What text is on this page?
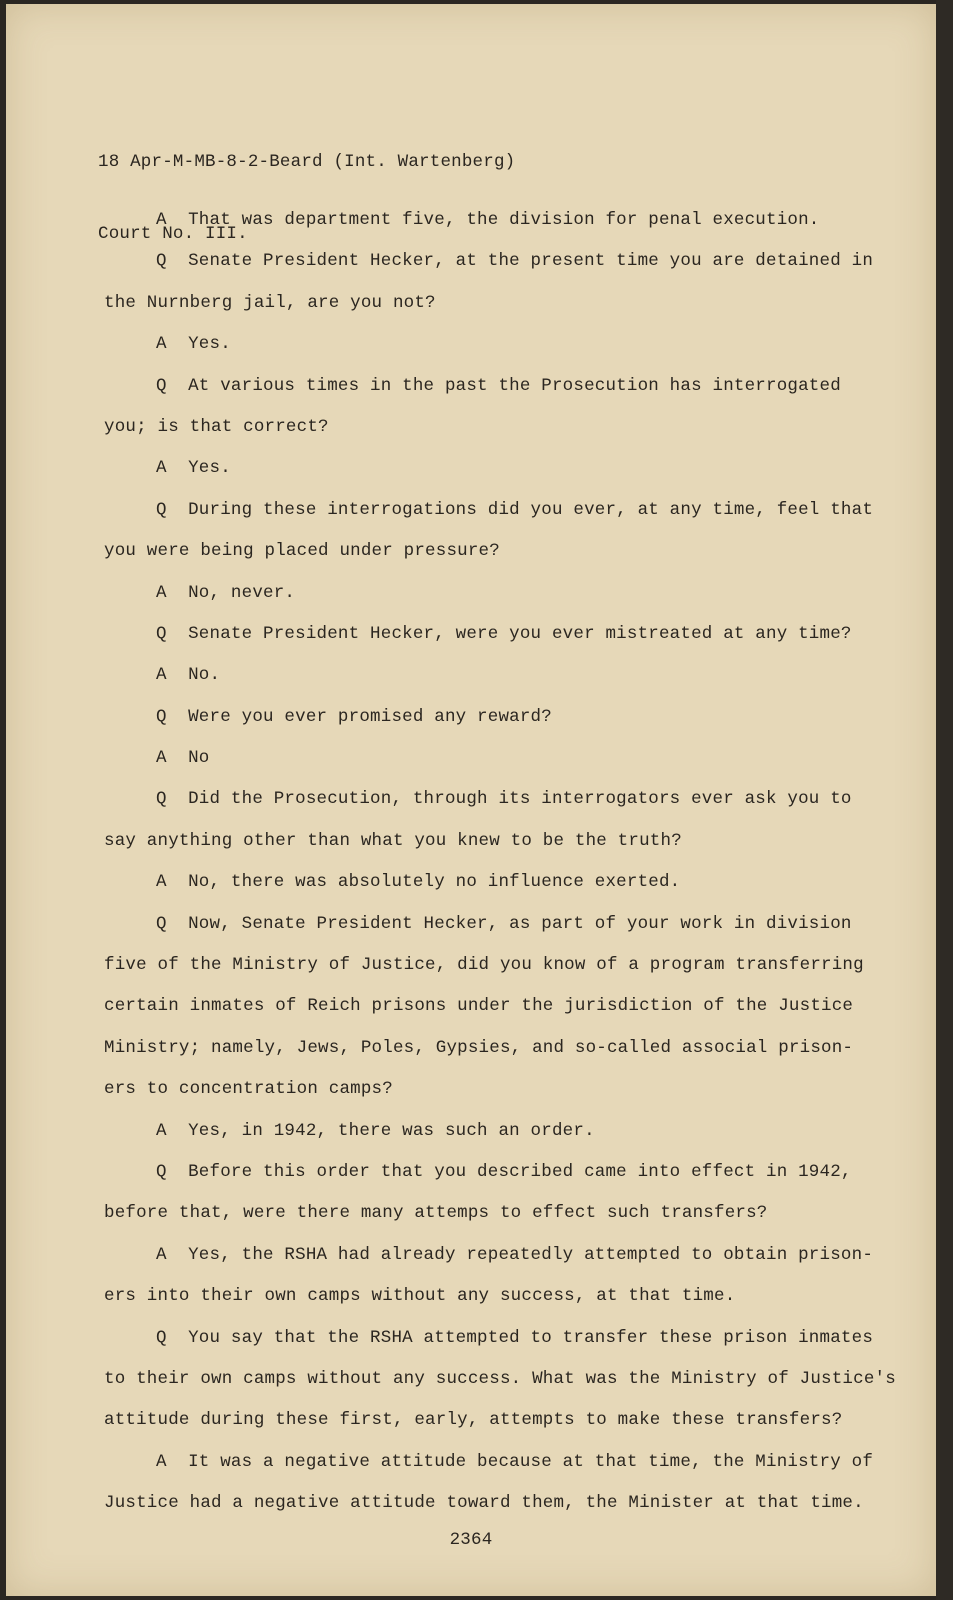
18 Apr-M-MB-8-2-Beard (Int. Wartenberg)

Court No. III.

A  That was department five, the division for penal execution.
Q  Senate President Hecker, at the present time you are detained in
the Nurnberg jail, are you not?
A  Yes.
Q  At various times in the past the Prosecution has interrogated
you; is that correct?
A  Yes.
Q  During these interrogations did you ever, at any time, feel that
you were being placed under pressure?
A  No, never.
Q  Senate President Hecker, were you ever mistreated at any time?
A  No.
Q  Were you ever promised any reward?
A  No
Q  Did the Prosecution, through its interrogators ever ask you to
say anything other than what you knew to be the truth?
A  No, there was absolutely no influence exerted.
Q  Now, Senate President Hecker, as part of your work in division
five of the Ministry of Justice, did you know of a program transferring
certain inmates of Reich prisons under the jurisdiction of the Justice
Ministry; namely, Jews, Poles, Gypsies, and so-called associal prison-
ers to concentration camps?
A  Yes, in 1942, there was such an order.
Q  Before this order that you described came into effect in 1942,
before that, were there many attemps to effect such transfers?
A  Yes, the RSHA had already repeatedly attempted to obtain prison-
ers into their own camps without any success, at that time.
Q  You say that the RSHA attempted to transfer these prison inmates
to their own camps without any success. What was the Ministry of Justice's
attitude during these first, early, attempts to make these transfers?
A  It was a negative attitude because at that time, the Ministry of
Justice had a negative attitude toward them, the Minister at that time.
2364
